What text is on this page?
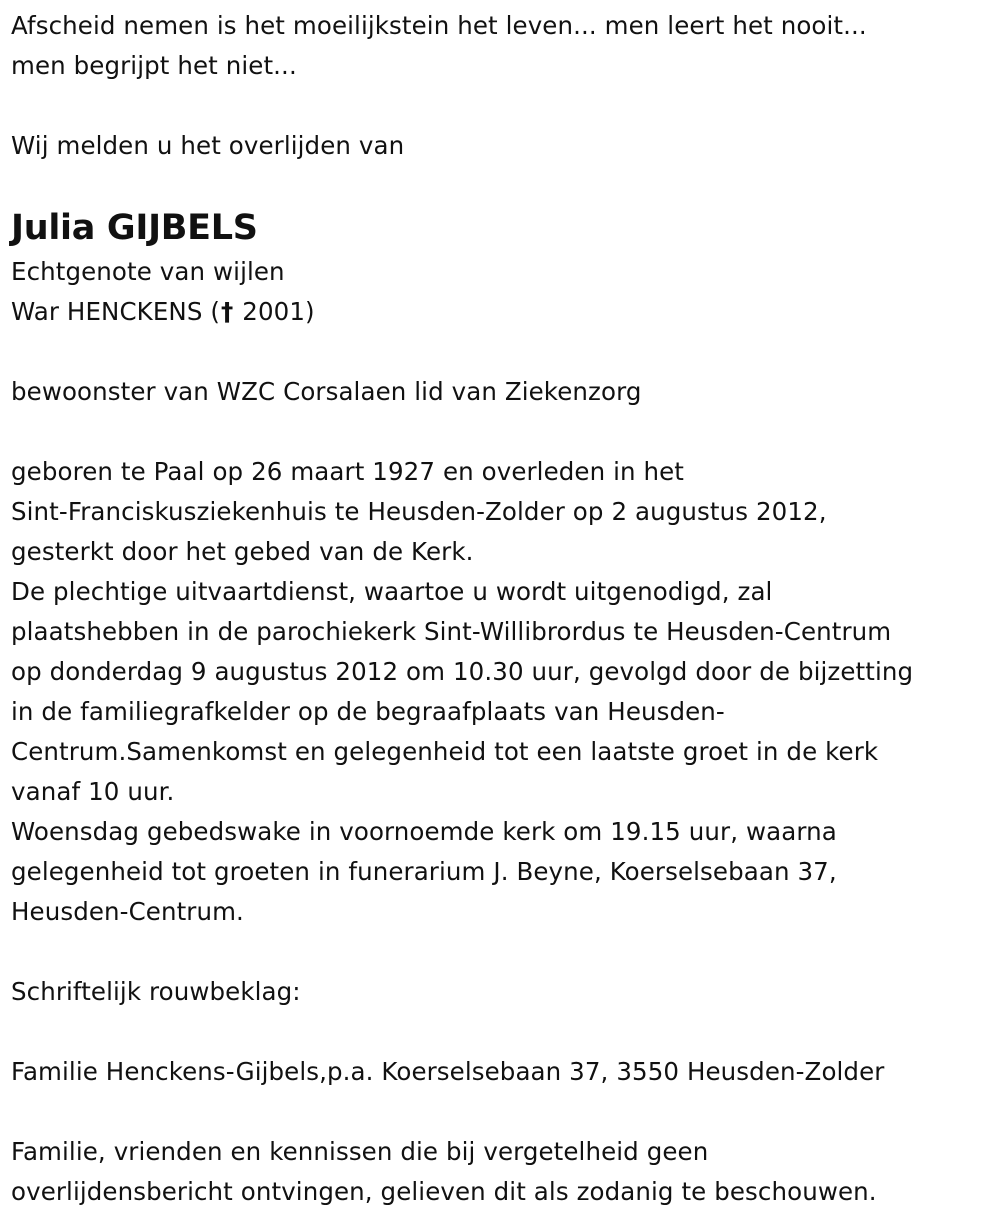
Afscheid nemen is het moeilijkstein het leven... men leert het nooit...
men begrijpt het niet...
Wij melden u het overlijden van
Julia GIJBELS
Echtgenote van wijlen
War HENCKENS († 2001)
bewoonster van WZC Corsalaen lid van Ziekenzorg
geboren te Paal op 26 maart 1927 en overleden in het
Sint-Franciskusziekenhuis te Heusden-Zolder op 2 augustus 2012,
gesterkt door het gebed van de Kerk.
De plechtige uitvaartdienst, waartoe u wordt uitgenodigd, zal
plaatshebben in de parochiekerk Sint-Willibrordus te Heusden-Centrum
op donderdag 9 augustus 2012 om 10.30 uur, gevolgd door de bijzetting
in de familiegrafkelder op de begraafplaats van Heusden-
Centrum.Samenkomst en gelegenheid tot een laatste groet in de kerk
vanaf 10 uur.
Woensdag gebedswake in voornoemde kerk om 19.15 uur, waarna
gelegenheid tot groeten in funerarium J. Beyne, Koerselsebaan 37,
Heusden-Centrum.
Schriftelijk rouwbeklag:
Familie Henckens-Gijbels,p.a. Koerselsebaan 37, 3550 Heusden-Zolder
Familie, vrienden en kennissen die bij vergetelheid geen
overlijdensbericht ontvingen, gelieven dit als zodanig te beschouwen.
